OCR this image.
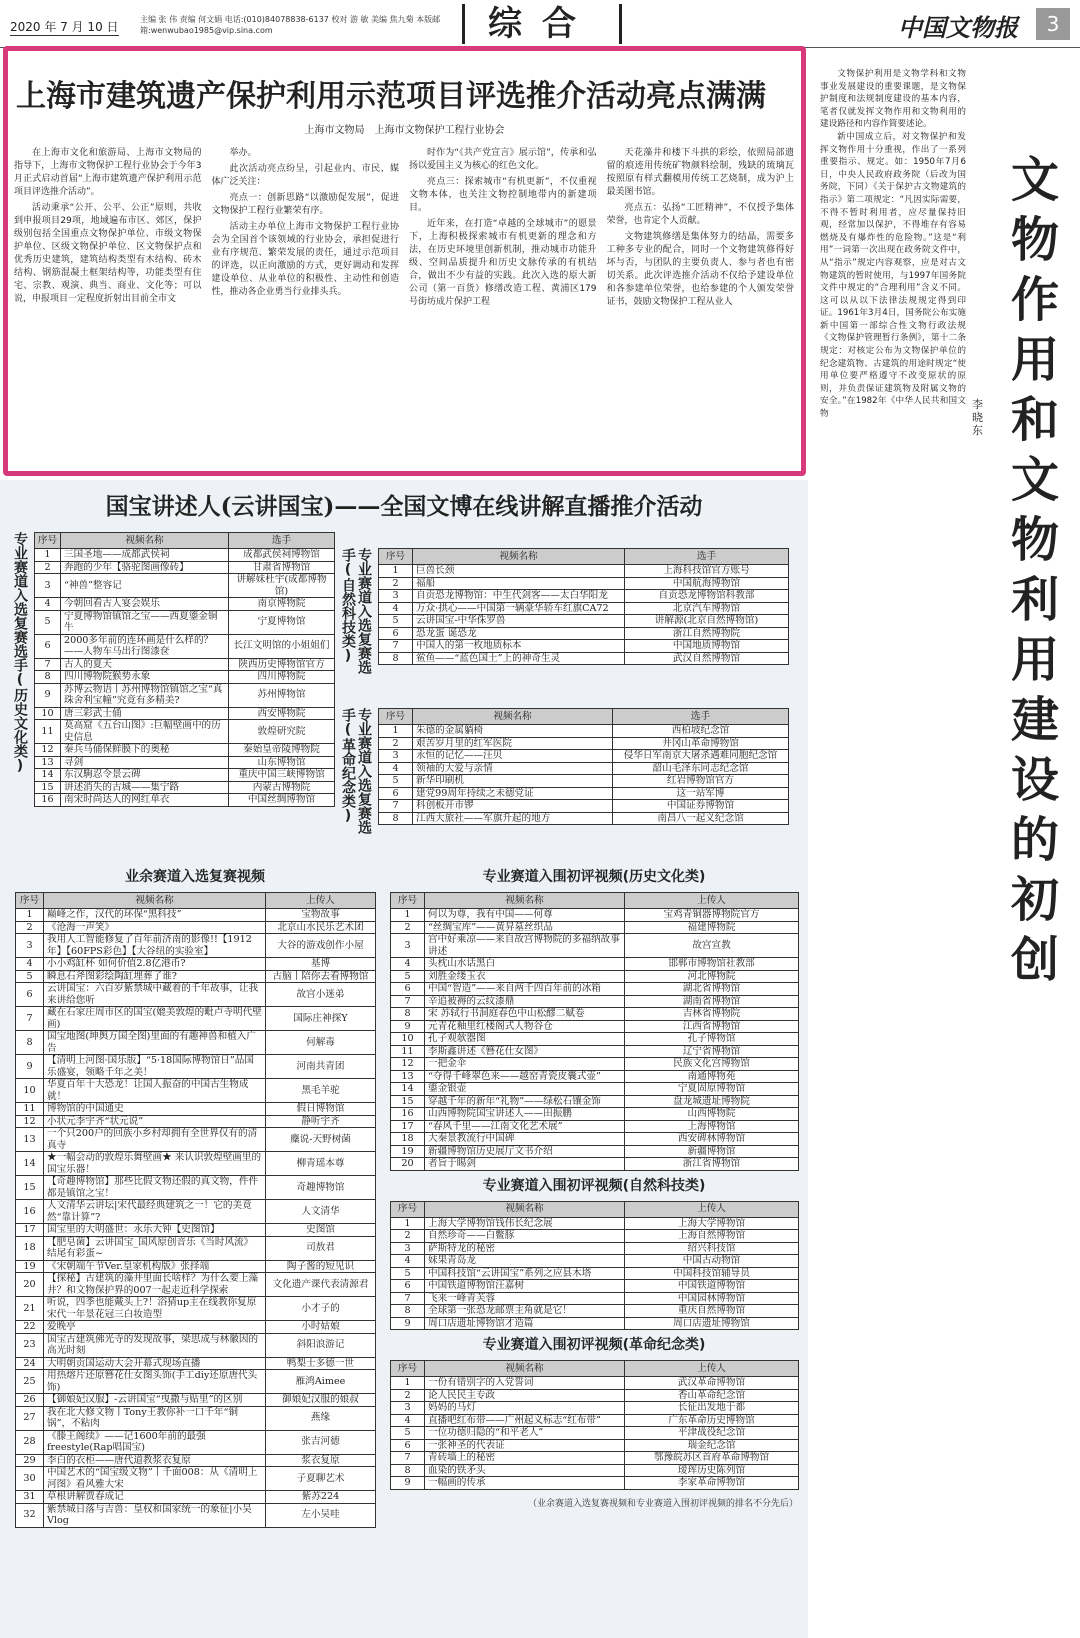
2020 年 7 月 10 日
主编 张 伟 责编 何文娟 电话:(010)84078838-6137 校对 游 敏 美编 焦九菊 本版邮箱:wenwubao1985@vip.sina.com	综合	中国文物报	3
上海市建筑遗产保护利用示范项目评选推介活动亮点满满
上海市文物局　上海市文物保护工程行业协会

在上海市文化和旅游局、上海市文物局的指导下，上海市文物保护工程行业协会于今年3月正式启动首届“上海市建筑遗产保护利用示范项目评选推介活动”。

活动秉承“公开、公平、公正”原则，共收到申报项目29项，地域遍布市区、郊区，保护级别包括全国重点文物保护单位、市级文物保护单位、区级文物保护单位、区文物保护点和优秀历史建筑，建筑结构类型有木结构、砖木结构、钢筋混凝土框架结构等，功能类型有住宅、宗教、观演、典当、商业、文化等；可以说，申报项目一定程度折射出目前全市文

举办。

此次活动亮点纷呈，引起业内、市民、媒体广泛关注：

亮点一：创新思路“以激励促发展”，促进文物保护工程行业繁荣有序。

活动主办单位上海市文物保护工程行业协会为全国首个该领域的行业协会，承担促进行业有序规范、繁荣发展的责任，通过示范项目的评选，以正向激励的方式，更好调动和发挥建设单位、从业单位的积极性、主动性和创造性，推动各企业勇当行业排头兵。

时作为“《共产党宣言》展示馆”，传承和弘扬以爱国主义为核心的红色文化。

亮点三：探索城市“有机更新”，不仅重视文物本体，也关注文物控制地带内的新建项目。

近年来，在打造“卓越的全球城市”的愿景下，上海积极探索城市有机更新的理念和方法，在历史环境里创新机制，推动城市功能升级、空间品质提升和历史文脉传承的有机结合，做出不少有益的实践。此次入选的原大新公司（第一百货）修缮改造工程、黄浦区179号街坊成片保护工程

天花藻井和楼下斗拱的彩绘，依照局部遗留的痕迹用传统矿物颜料绘制，残缺的琉璃瓦按照原有样式翻模用传统工艺烧制，成为沪上最美图书馆。

亮点五：弘扬“工匠精神”，不仅授予集体荣誉，也肯定个人贡献。

文物建筑修缮是集体努力的结晶，需要多工种多专业的配合，同时一个文物建筑修得好坏与否，与团队的主要负责人、参与者也有密切关系。此次评选推介活动不仅给予建设单位和各参建单位荣誉，也给参建的个人颁发荣誉证书，鼓励文物保护工程从业人

文物保护利用是文物学科和文物事业发展建设的重要课题，是文物保护制度和法规制度建设的基本内容，笔者仅就发挥文物作用和文物利用的建设路径和内容作简要述论。

新中国成立后，对文物保护和发挥文物作用十分重视，作出了一系列重要指示、规定。如：1950年7月6日，中央人民政府政务院（后改为国务院，下同）《关于保护古文物建筑的指示》第二项规定：“凡因实际需要，不得不暂时利用者，应尽量保持旧观，经常加以保护，不得堆存有容易燃烧及有爆炸性的危险物。”这是“利用”一词第一次出现在政务院文件中，从“指示”规定内容观察，应是对古文物建筑的暂时使用，与1997年国务院文件中规定的“合理利用”含义不同。这可以从以下法律法规规定得到印证。1961年3月4日，国务院公布实施新中国第一部综合性文物行政法规《文物保护管理暂行条例》，第十二条规定：对核定公布为文物保护单位的纪念建筑物、古建筑的用途时规定“使用单位要严格遵守不改变原状的原则，并负责保证建筑物及附属文物的安全。”在1982年《中华人民共和国文物

文
物
作
用
和
文
物
利
用
建
设
的
初
创
李晓东
国宝讲述人(云讲国宝)——全国文博在线讲解直播推介活动
专业赛道入选复赛选手(历史文化类) 序号	视频名称	选手
1	三国圣地——成都武侯祠	成都武侯祠博物馆
2	奔跑的少年【骆驼图画像砖】	甘肃省博物馆
3	“神兽”整容记	讲解妹杜宇(成都博物馆)
4	今朝回看古人宴会娱乐	南京博物院
5	宁夏博物馆镇馆之宝——西夏鎏金铜牛	宁夏博物馆
6	2000多年前的连环画是什么样的？——人物车马出行图漆奁	长江文明馆的小姐姐们
7	古人的夏天	陕西历史博物馆官方
8	四川博物院猴势永象	四川博物院
9	苏博云物语丨苏州博物馆镇馆之宝“真珠舍利宝幢”究竟有多精美?	苏州博物馆
10	唐三彩武士俑	西安博物院
11	莫高窟《五台山图》:巨幅壁画中的历史信息	敦煌研究院
12	秦兵马俑保鲜膜下的奥秘	秦始皇帝陵博物院
13	寻剑	山东博物馆
14	东汉駒忍令景云碑	重庆中国三峡博物馆
15	讲述消失的古城——集宁路	内蒙古博物院
16	南宋时尚达人的网红单衣	中国丝绸博物馆
专业赛道入选复赛选手(自然科技类)	序号	视频名称	选手
1	巨兽长颈	上海科技馆官方账号
2	福船	中国航海博物馆
3	自贡恐龙博物馆：中生代剑客——太白华阳龙	自贡恐龙博物馆科教部
4	万众·拱心——中国第一辆豪华轿车红旗CA72	北京汽车博物馆
5	云讲国宝-中华侏罗兽	讲解源(北京自然博物馆)
6	恐龙蛋 诞恐龙	浙江自然博物院
7	中国人的第一枚地质标本	中国地质博物馆
8	鲎鱼——“蓝色国土”上的神奇生灵	武汉自然博物馆
专业赛道入选复赛选手(革命纪念类)	序号	视频名称	选手
1	朱德的金属躺椅	西柏坡纪念馆
2	艰苦岁月里的红军医院	井冈山革命博物馆
3	永恒的记忆——汪贝	侵华日军南京大屠杀遇难同胞纪念馆
4	领袖的大爱与亲情	韶山毛泽东同志纪念馆
5	新华印刷机	红岩博物馆官方
6	建党99周年持续之未德党证	这一站军博
7	科创板开市锣	中国证券博物馆
8	江西大旅社——军旗升起的地方	南昌八一起义纪念馆
业余赛道入选复赛视频
序号	视频名称	上传人
1	巅峰之作，汉代的环保“黑科技”	宝物故事
2	《沧海一声笑》	北京山水民乐艺术团
3	我用人工智能修复了百年前济南的影像!!【1912年】【60FPS彩色】【大谷纽的实验室】	大谷的游戏创作小屋
4	小小鸡缸杯 如何价值2.8亿港币?	基博
5	瞬息石斧图彩绘陶缸埋葬了谁?	古脑丨陪你去看博物馆
6	云讲国宝：六百岁紫禁城中藏着的千年故事，让我来讲给您听	故宫小迷弟
7	藏在石家庄周市区的国宝(媲美敦煌的毗卢寺明代壁画)	国际庄神探Y
8	国宝地图(坤舆万国全图)里面的有趣神兽和植入广告	何解毒
9	【清明上河图·国乐版】“5·18国际博物馆日”品国乐盛宴，领略千年之美！	河南共青团
10	华夏百年十大恐龙！让国人振奋的中国古生物成就！	黑毛羊驼
11	博物馆的中国通史	假日博物馆
12	小状元李宇齐“状元说”	静听宇齐
13	一个只200户的回族小乡村却拥有全世界仅有的清真寺	麋说-天野树菌
14	★一幅会动的敦煌乐舞壁画★ 来认识敦煌壁画里的国宝乐器！	柳青瑶本尊
15	【奇趣博物馆】那些比假文物还假的真文物，件件都是镇馆之宝！	奇趣博物馆
16	人文清华云讲坛|宋代最经典建筑之一！它的美竟然“靠计算”?	人文清华
17	国宝里的大明盛世：永乐大钟【史图馆】	史图馆
18	【肥皂菌】云讲国宝_国风原创音乐《当时风流》结尾有彩蛋~	司敖君
19	《宋朝端午节Ver.皇家机构版》张择端	陶子酱的短见识
20	【探秘】古建筑的藻井里面长啥样？为什么要上藻井？和文物保护界的007一起走近科学探索	文化遗产课代表清源君
21	听说，四季也能戴头上?！浴猜up主在线教你复原宋代一年景花冠三白妆造型	小才子的
22	爱晚亭	小时姑娘
23	国宝古建筑佛光寺的发现故事，梁思成与林徽因的高光时刻	斜阳浪游记
24	大明朝贡国运动大会开幕式现场直播	鸭梨士多德一世
25	用热熔片还原簪花仕女图头饰(手工diy还原唐代头饰)	雁鸿Aimee
26	【御娘妃汉服】-云讲国宝“曳撒与贴里”的区别	御娘妃汉服的娘叔
27	我在北大修文物丨Tony王教你补一口千年“铜锅”，不粘肉	燕缘
28	《滕王阁续》——记1600年前的最强freestyle(Rap唱国宝)	张吉河德
29	李白的衣柜——唐代道教浆衣复原	浆衣复原
30	中国艺术的“国宝级文物”丨千面008：从《清明上河图》看风雅大宋	子夏聊艺术
31	草根讲解贾春成记	紫苏224
32	紫禁城日落与吉兽：皇权和国家统一的象征|小吴Vlog	左小吴哇
专业赛道入围初评视频(历史文化类)
序号	视频名称	上传人
1	何以为尊，我有中国——何尊	宝鸡青铜器博物院官方
2	“丝绸宝库”——黄昇墓丝织品	福建博物院
3	宫中好乘凉——来自故宫博物院的多福纳故事讲述	故宫宣教
4	头枕山水话黑白	邯郸市博物馆社教部
5	刘胜金缕玉衣	河北博物院
6	中国“智造”——来自两千四百年前的冰箱	湖北省博物馆
7	辛追被褥的云纹漆鼎	湖南省博物馆
8	宋 苏轼行书洞庭春色中山松醪二赋卷	吉林省博物院
9	元青花釉里红楼阁式人物谷仓	江西省博物馆
10	孔子观欹器图	孔子博物馆
11	李斯鑫讲述《簪花仕女图》	辽宁省博物馆
12	一把金伞	民族文化宫博物馆
13	“夺得千峰翠色来——越窑青瓷皮囊式壶”	南通博物苑
14	鎏金银壶	宁夏固原博物馆
15	穿越千年的新年“礼物”——绿松石镶金饰	盘龙城遗址博物院
16	山西博物院国宝讲述人——田振鹏	山西博物院
17	“春风千里——江南文化艺术展”	上海博物馆
18	大秦景教流行中国碑	西安碑林博物馆
19	新疆博物馆历史展厅文书介绍	新疆博物馆
20	者旨于睗剑	浙江省博物馆
专业赛道入围初评视频(自然科技类)
序号	视频名称	上传人
1	上海大学博物馆钱伟长纪念展	上海大学博物馆
2	自然珍奇——白鳖豚	上海自然博物馆
3	萨斯特龙的秘密	绍兴科技馆
4	妹果青岛龙	中国古动物馆
5	中国科技馆“云讲国宝”系列之应县木塔	中国科技馆辅导员
6	中国铁道博物馆汪嘉树	中国铁道博物馆
7	飞来一峰青芙蓉	中国园林博物馆
8	全球第一张恐龙邮票主角就是它！	重庆自然博物馆
9	周口店遗址博物馆才造篇	周口店遗址博物馆
专业赛道入围初评视频(革命纪念类)
序号	视频名称	上传人
1	一份有错别字的入党誓词	武汉革命博物馆
2	论人民民主专政	香山革命纪念馆
3	妈妈的马灯	长征出发地于都
4	直播吧红布带——广州起义标志“红布带”	广东革命历史博物馆
5	一位功德归隐的“和平老人”	平津战役纪念馆
6	一张神圣的代表证	瑞金纪念馆
7	青砖墙上的秘密	鄂豫皖苏区首府革命博物馆
8	血染的铁矛头	瑷珲历史陈列馆
9	一幅画的传承	李家革命博物馆
（业余赛道入选复赛视频和专业赛道入围初评视频的排名不分先后）
